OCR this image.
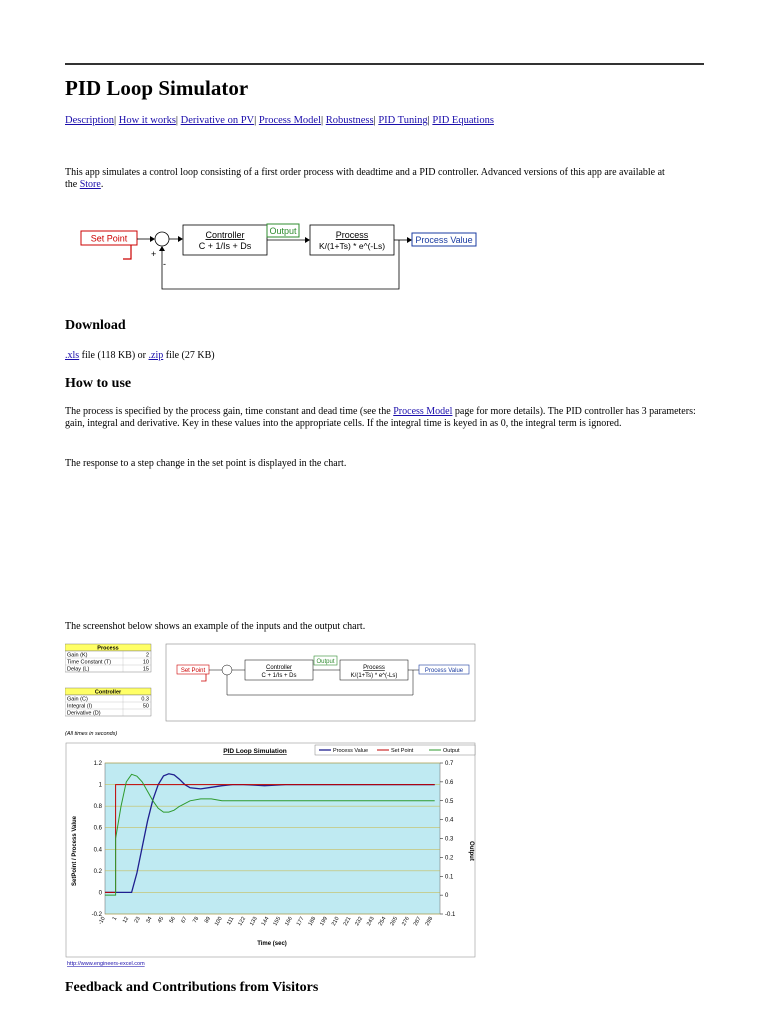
PID Loop Simulator
Description| How it works| Derivative on PV| Process Model| Robustness| PID Tuning| PID Equations

This app simulates a control loop consisting of a first order process with deadtime and a PID controller. Advanced versions of this app are available at the Store.

Set Point
+
-
Controller
C + 1/Is + Ds
Output	Process
K/(1+Ts) * e^(-Ls)
Process Value
Download

.xls file (118 KB) or .zip file (27 KB)

How to use

The process is specified by the process gain, time constant and dead time (see the Process Model page for more details). The PID controller has 3 parameters: gain, integral and derivative. Key in these values into the appropriate cells. If the integral time is keyed in as 0, the integral term is ignored.

The response to a step change in the set point is displayed in the chart.

The screenshot below shows an example of the inputs and the output chart.

Process
Gain (K)	2
Time Constant (T)	10
Delay (L)	15
Controller
Gain (C)	0.3
Integral (I)	50
Derivative (D)
(All times in seconds)
Set Point	Controller
C + 1/Is + Ds
Output
Process
K/(1+Ts) * e^(-Ls)
Process Value
PID Loop Simulation	Process Value	Set Point	Output
-0.2
0
0.2
0.4
0.6
0.8
1
1.2
-0.1
0
0.1
0.2
0.3
0.4
0.5
0.6
0.7
-10 1 12 23 34 45 56 67 78 89 100 111 122 133 144 155 166 177 188 199 210 221 232 243 254 265 276 287 298
SetPoint / Process Value	Output
Time (sec)
http://www.engineers-excel.com
Feedback and Contributions from Visitors
